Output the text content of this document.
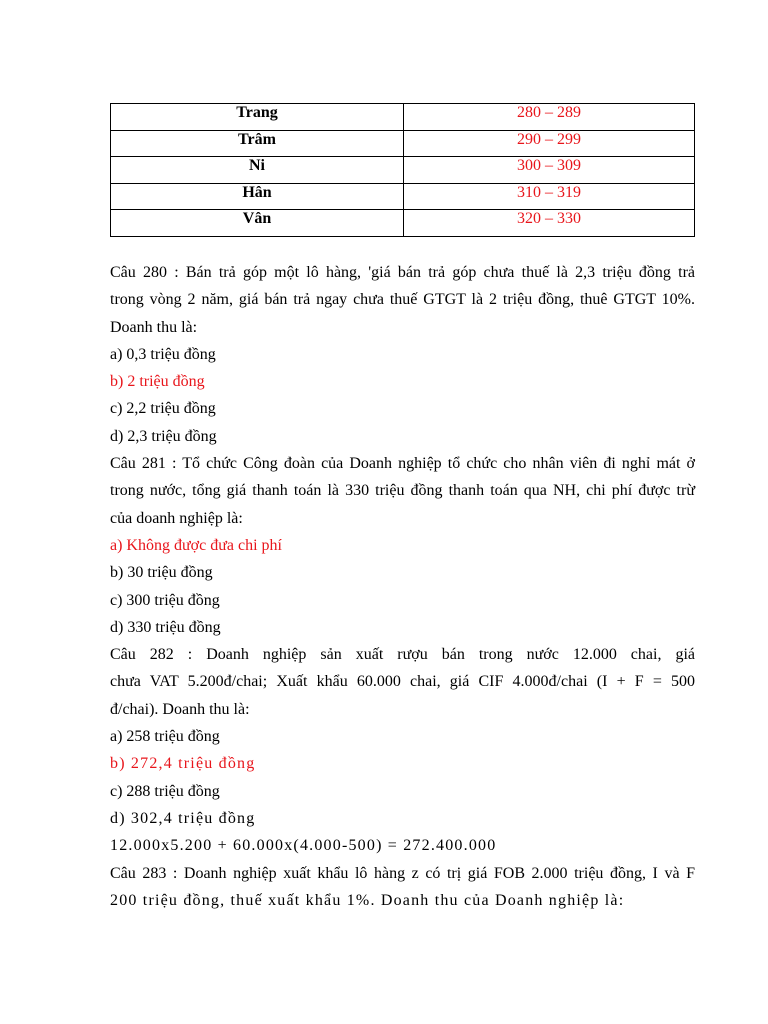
Trang	280 – 289
Trâm	290 – 299
Ni	300 – 309
Hân	310 – 319
Vân	320 – 330
Câu 280 : Bán trả góp một lô hàng, 'giá bán trả góp chưa thuế là 2,3 triệu đồng trả
trong vòng 2 năm, giá bán trả ngay chưa thuế GTGT là 2 triệu đồng, thuê GTGT 10%.
Doanh thu là:
a) 0,3 triệu đồng
b) 2 triệu đồng
c) 2,2 triệu đồng
d) 2,3 triệu đồng
Câu 281 : Tổ chức Công đoàn của Doanh nghiệp tổ chức cho nhân viên đi nghỉ mát ở
trong nước, tổng giá thanh toán là 330 triệu đồng thanh toán qua NH, chi phí được trừ
của doanh nghiệp là:
a) Không được đưa chi phí
b) 30 triệu đồng
c) 300 triệu đồng
d) 330 triệu đồng
Câu 282 : Doanh nghiệp sản xuất rượu bán trong nước 12.000 chai, giá
chưa VAT 5.200đ/chai; Xuất khẩu 60.000 chai, giá CIF 4.000đ/chai (I + F = 500
đ/chai). Doanh thu là:
a) 258 triệu đồng
b) 272,4 triệu đồng
c) 288 triệu đồng
d) 302,4 triệu đồng
12.000x5.200 + 60.000x(4.000-500) = 272.400.000
Câu 283 : Doanh nghiệp xuất khẩu lô hàng z có trị giá FOB 2.000 triệu đồng, I và F
200 triệu đồng, thuế xuất khẩu 1%. Doanh thu của Doanh nghiệp là:
